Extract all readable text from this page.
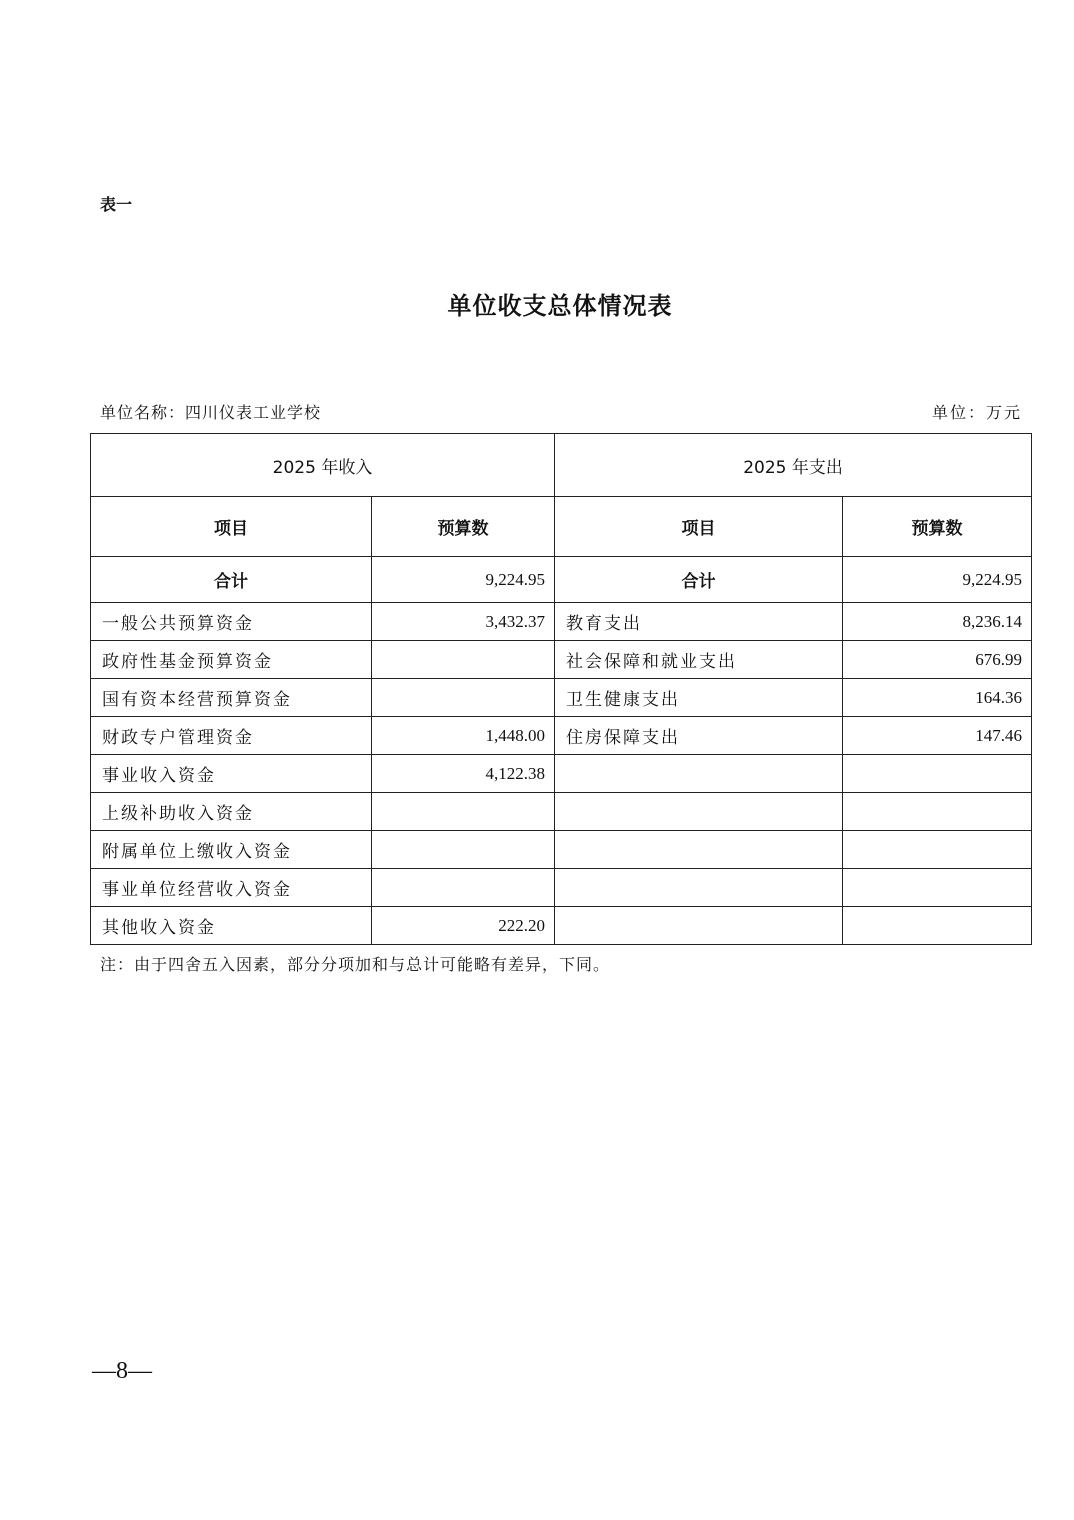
表一
单位收支总体情况表
单位名称：四川仪表工业学校	单位：万元
2025 年收入		2025 年支出	
项目	预算数	项目	预算数
合计	9,224.95	合计	9,224.95
一般公共预算资金	3,432.37	教育支出	8,236.14
政府性基金预算资金		社会保障和就业支出	676.99
国有资本经营预算资金		卫生健康支出	164.36
财政专户管理资金	1,448.00	住房保障支出	147.46
事业收入资金	4,122.38		
上级补助收入资金			
附属单位上缴收入资金			
事业单位经营收入资金			
其他收入资金	222.20		
注：由于四舍五入因素，部分分项加和与总计可能略有差异，下同。
—8—
